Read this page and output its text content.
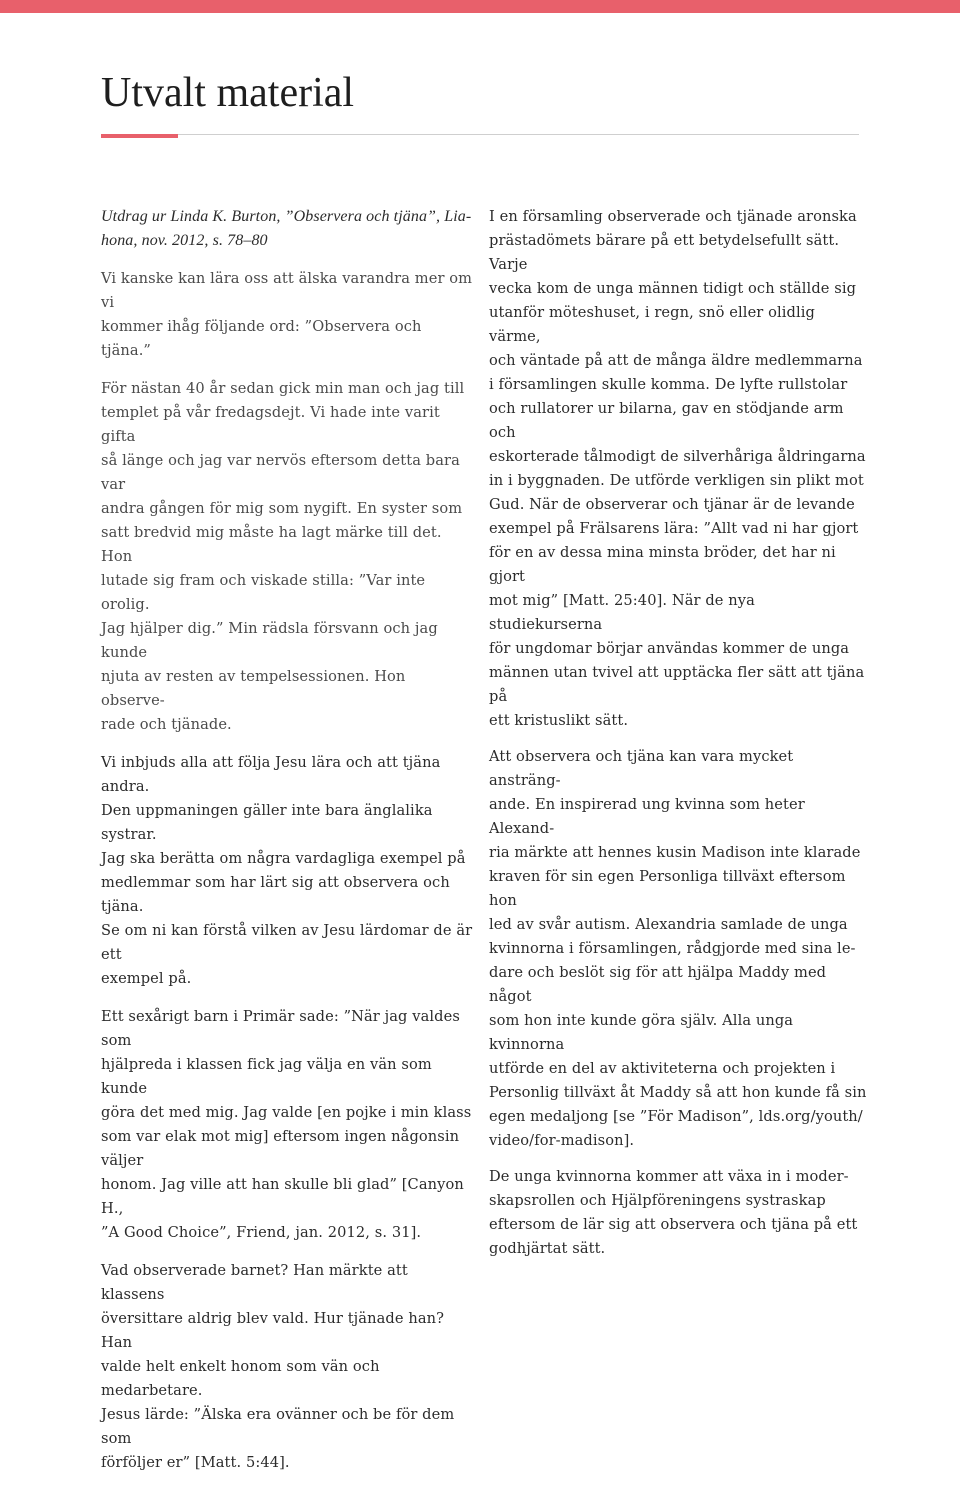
Utvalt material

Utdrag ur Linda K. Burton, ”Observera och tjäna”, Lia-
hona, nov. 2012, s. 78–80

Vi kanske kan lära oss att älska varandra mer om vi
kommer ihåg följande ord: ”Observera och tjäna.”

För nästan 40 år sedan gick min man och jag till
templet på vår fredagsdejt. Vi hade inte varit gifta
så länge och jag var nervös eftersom detta bara var
andra gången för mig som nygift. En syster som
satt bredvid mig måste ha lagt märke till det. Hon
lutade sig fram och viskade stilla: ”Var inte orolig.
Jag hjälper dig.” Min rädsla försvann och jag kunde
njuta av resten av tempelsessionen. Hon observe-
rade och tjänade.

Vi inbjuds alla att följa Jesu lära och att tjäna andra.
Den uppmaningen gäller inte bara änglalika systrar.
Jag ska berätta om några vardagliga exempel på
medlemmar som har lärt sig att observera och tjäna.
Se om ni kan förstå vilken av Jesu lärdomar de är ett
exempel på.

Ett sexårigt barn i Primär sade: ”När jag valdes som
hjälpreda i klassen fick jag välja en vän som kunde
göra det med mig. Jag valde [en pojke i min klass
som var elak mot mig] eftersom ingen någonsin väljer
honom. Jag ville att han skulle bli glad” [Canyon H.,
”A Good Choice”, Friend, jan. 2012, s. 31].

Vad observerade barnet? Han märkte att klassens
översittare aldrig blev vald. Hur tjänade han? Han
valde helt enkelt honom som vän och medarbetare.
Jesus lärde: ”Älska era ovänner och be för dem som
förföljer er” [Matt. 5:44].

I en församling observerade och tjänade aronska
prästadömets bärare på ett betydelsefullt sätt. Varje
vecka kom de unga männen tidigt och ställde sig
utanför möteshuset, i regn, snö eller olidlig värme,
och väntade på att de många äldre medlemmarna
i församlingen skulle komma. De lyfte rullstolar
och rullatorer ur bilarna, gav en stödjande arm och
eskorterade tålmodigt de silverhåriga åldringarna
in i byggnaden. De utförde verkligen sin plikt mot
Gud. När de observerar och tjänar är de levande
exempel på Frälsarens lära: ”Allt vad ni har gjort
för en av dessa mina minsta bröder, det har ni gjort
mot mig” [Matt. 25:40]. När de nya studiekurserna
för ungdomar börjar användas kommer de unga
männen utan tvivel att upptäcka fler sätt att tjäna på
ett kristuslikt sätt.

Att observera och tjäna kan vara mycket ansträng-
ande. En inspirerad ung kvinna som heter Alexand-
ria märkte att hennes kusin Madison inte klarade
kraven för sin egen Personliga tillväxt eftersom hon
led av svår autism. Alexandria samlade de unga
kvinnorna i församlingen, rådgjorde med sina le-
dare och beslöt sig för att hjälpa Maddy med något
som hon inte kunde göra själv. Alla unga kvinnorna
utförde en del av aktiviteterna och projekten i
Personlig tillväxt åt Maddy så att hon kunde få sin
egen medaljong [se ”För Madison”, lds.org/youth/
video/for-madison].

De unga kvinnorna kommer att växa in i moder-
skapsrollen och Hjälpföreningens systraskap
eftersom de lär sig att observera och tjäna på ett
godhjärtat sätt.
